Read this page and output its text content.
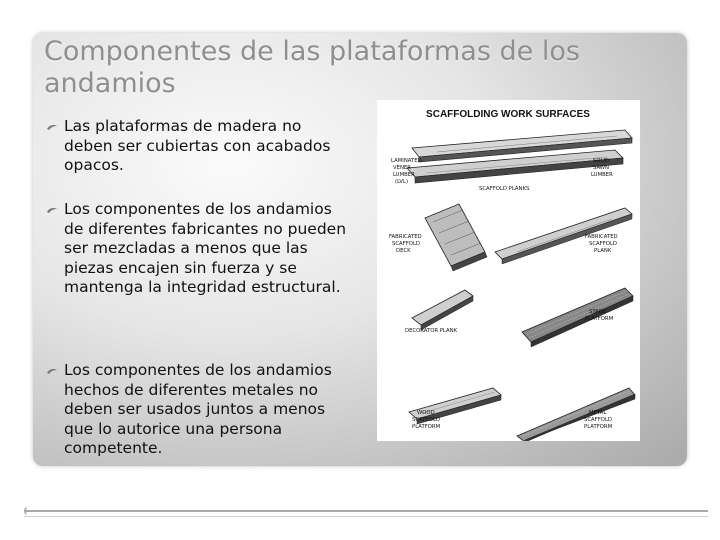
Componentes de las plataformas de los andamios
Las plataformas de madera no deben ser cubiertas con acabados opacos.
Los componentes de los andamios de diferentes fabricantes no pueden ser mezcladas a menos que las piezas encajen sin fuerza y se mantenga la integridad estructural.
Los componentes de los andamios hechos de diferentes metales no deben ser usados juntos a menos que lo autorice una persona competente.
SCAFFOLDING WORK SURFACES
LAMINATED
VENER
LUMBER
(LVL)
SOLID
SAWN
LUMBER
SCAFFOLD PLANKS
FABRICATED
SCAFFOLD
DECK
FABRICATED
SCAFFOLD
PLANK
DECORATOR PLANK
STAGE
PLATFORM
WOOD
SCAFFOLD
PLATFORM
METAL
SCAFFOLD
PLATFORM
